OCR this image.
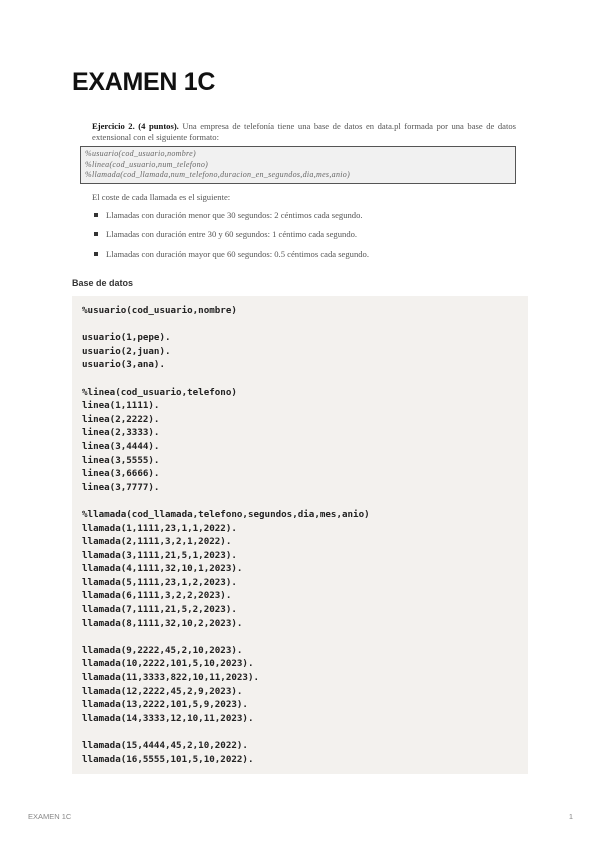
EXAMEN 1C
Ejercicio 2. (4 puntos). Una empresa de telefonía tiene una base de datos en data.pl formada por una base de datos extensional con el siguiente formato:
%usuario(cod_usuario,nombre)
%linea(cod_usuario,num_telefono)
%llamada(cod_llamada,num_telefono,duracion_en_segundos,dia,mes,anio)
El coste de cada llamada es el siguiente:
Llamadas con duración menor que 30 segundos: 2 céntimos cada segundo.
Llamadas con duración entre 30 y 60 segundos: 1 céntimo cada segundo.
Llamadas con duración mayor que 60 segundos: 0.5 céntimos cada segundo.
Base de datos
%usuario(cod_usuario,nombre)
usuario(1,pepe).
usuario(2,juan).
usuario(3,ana).
%linea(cod_usuario,telefono)
linea(1,1111).
linea(2,2222).
linea(2,3333).
linea(3,4444).
linea(3,5555).
linea(3,6666).
linea(3,7777).
%llamada(cod_llamada,telefono,segundos,dia,mes,anio)
llamada(1,1111,23,1,1,2022).
llamada(2,1111,3,2,1,2022).
llamada(3,1111,21,5,1,2023).
llamada(4,1111,32,10,1,2023).
llamada(5,1111,23,1,2,2023).
llamada(6,1111,3,2,2,2023).
llamada(7,1111,21,5,2,2023).
llamada(8,1111,32,10,2,2023).
llamada(9,2222,45,2,10,2023).
llamada(10,2222,101,5,10,2023).
llamada(11,3333,822,10,11,2023).
llamada(12,2222,45,2,9,2023).
llamada(13,2222,101,5,9,2023).
llamada(14,3333,12,10,11,2023).
llamada(15,4444,45,2,10,2022).
llamada(16,5555,101,5,10,2022).
EXAMEN 1C	1
